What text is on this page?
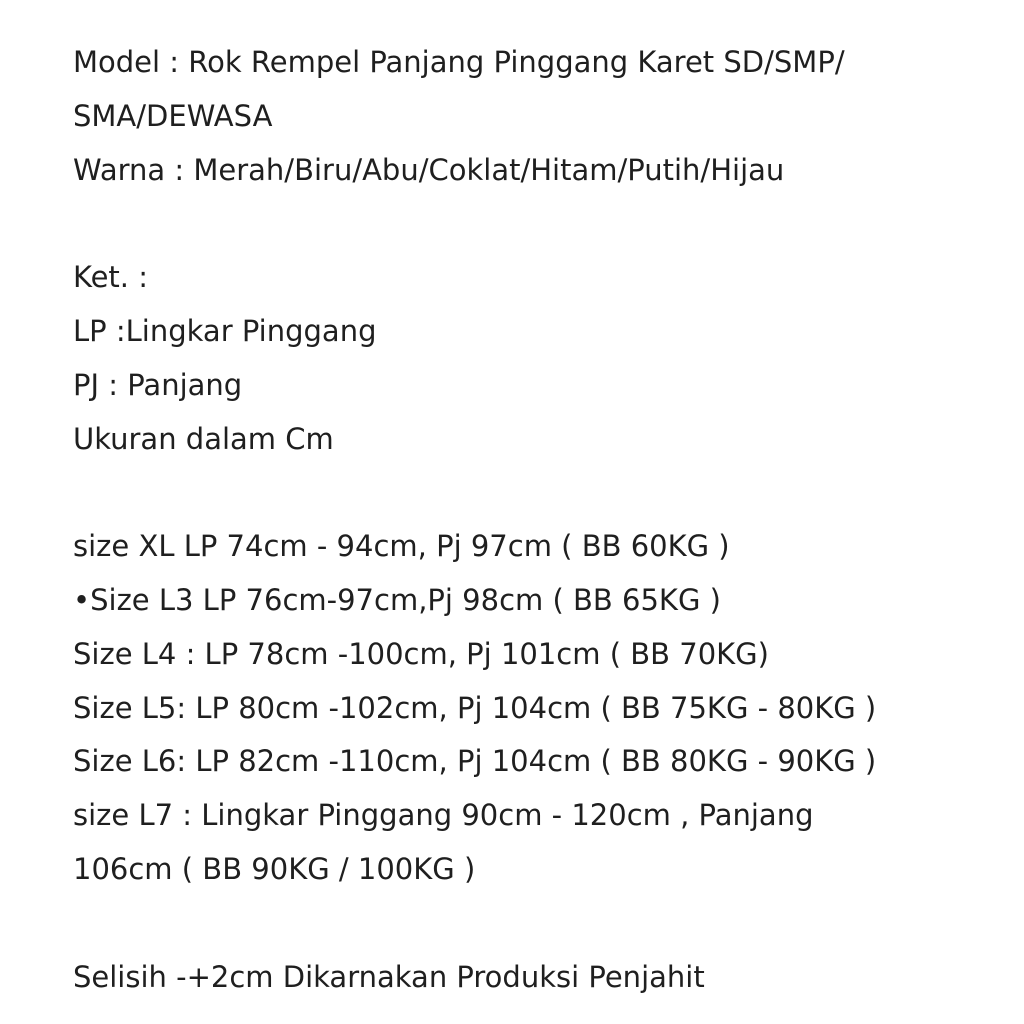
Model : Rok Rempel Panjang Pinggang Karet SD/SMP/
SMA/DEWASA
Warna : Merah/Biru/Abu/Coklat/Hitam/Putih/Hijau
Ket. :
LP :Lingkar Pinggang
PJ : Panjang
Ukuran dalam Cm
size XL LP 74cm - 94cm, Pj 97cm ( BB 60KG )
•Size L3 LP 76cm-97cm,Pj 98cm ( BB 65KG )
Size L4 : LP 78cm -100cm, Pj 101cm ( BB 70KG)
Size L5: LP 80cm -102cm, Pj 104cm ( BB 75KG - 80KG )
Size L6: LP 82cm -110cm, Pj 104cm ( BB 80KG - 90KG )
size L7 : Lingkar Pinggang 90cm - 120cm , Panjang
106cm ( BB 90KG / 100KG )
Selisih -+2cm Dikarnakan Produksi Penjahit
